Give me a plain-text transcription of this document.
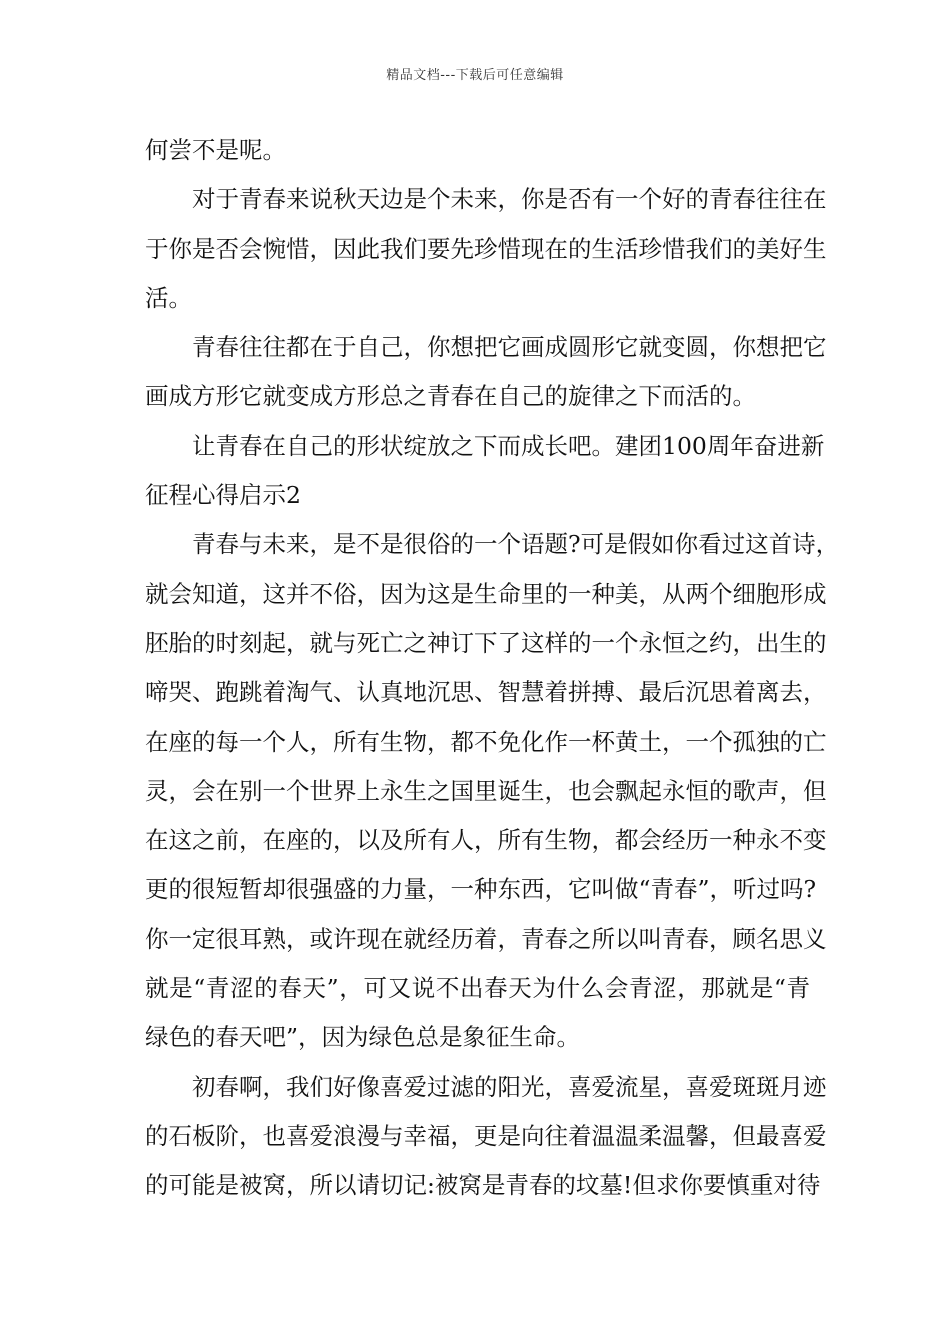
精品文档---下载后可任意编辑
何尝不是呢。
对于青春来说秋天边是个未来，你是否有一个好的青春往往在
于你是否会惋惜，因此我们要先珍惜现在的生活珍惜我们的美好生
活。
青春往往都在于自己，你想把它画成圆形它就变圆，你想把它
画成方形它就变成方形总之青春在自己的旋律之下而活的。
让青春在自己的形状绽放之下而成长吧。建团100周年奋进新
征程心得启示2
青春与未来，是不是很俗的一个语题?可是假如你看过这首诗，
就会知道，这并不俗，因为这是生命里的一种美，从两个细胞形成
胚胎的时刻起，就与死亡之神订下了这样的一个永恒之约，出生的
啼哭、跑跳着淘气、认真地沉思、智慧着拼搏、最后沉思着离去，
在座的每一个人，所有生物，都不免化作一杯黄土，一个孤独的亡
灵，会在别一个世界上永生之国里诞生，也会飘起永恒的歌声，但
在这之前，在座的，以及所有人，所有生物，都会经历一种永不变
更的很短暂却很强盛的力量，一种东西，它叫做“青春”，听过吗?
你一定很耳熟，或许现在就经历着，青春之所以叫青春，顾名思义
就是“青涩的春天”，可又说不出春天为什么会青涩，那就是“青
绿色的春天吧”，因为绿色总是象征生命。
初春啊，我们好像喜爱过滤的阳光，喜爱流星，喜爱斑斑月迹
的石板阶，也喜爱浪漫与幸福，更是向往着温温柔温馨，但最喜爱
的可能是被窝，所以请切记:被窝是青春的坟墓!但求你要慎重对待
